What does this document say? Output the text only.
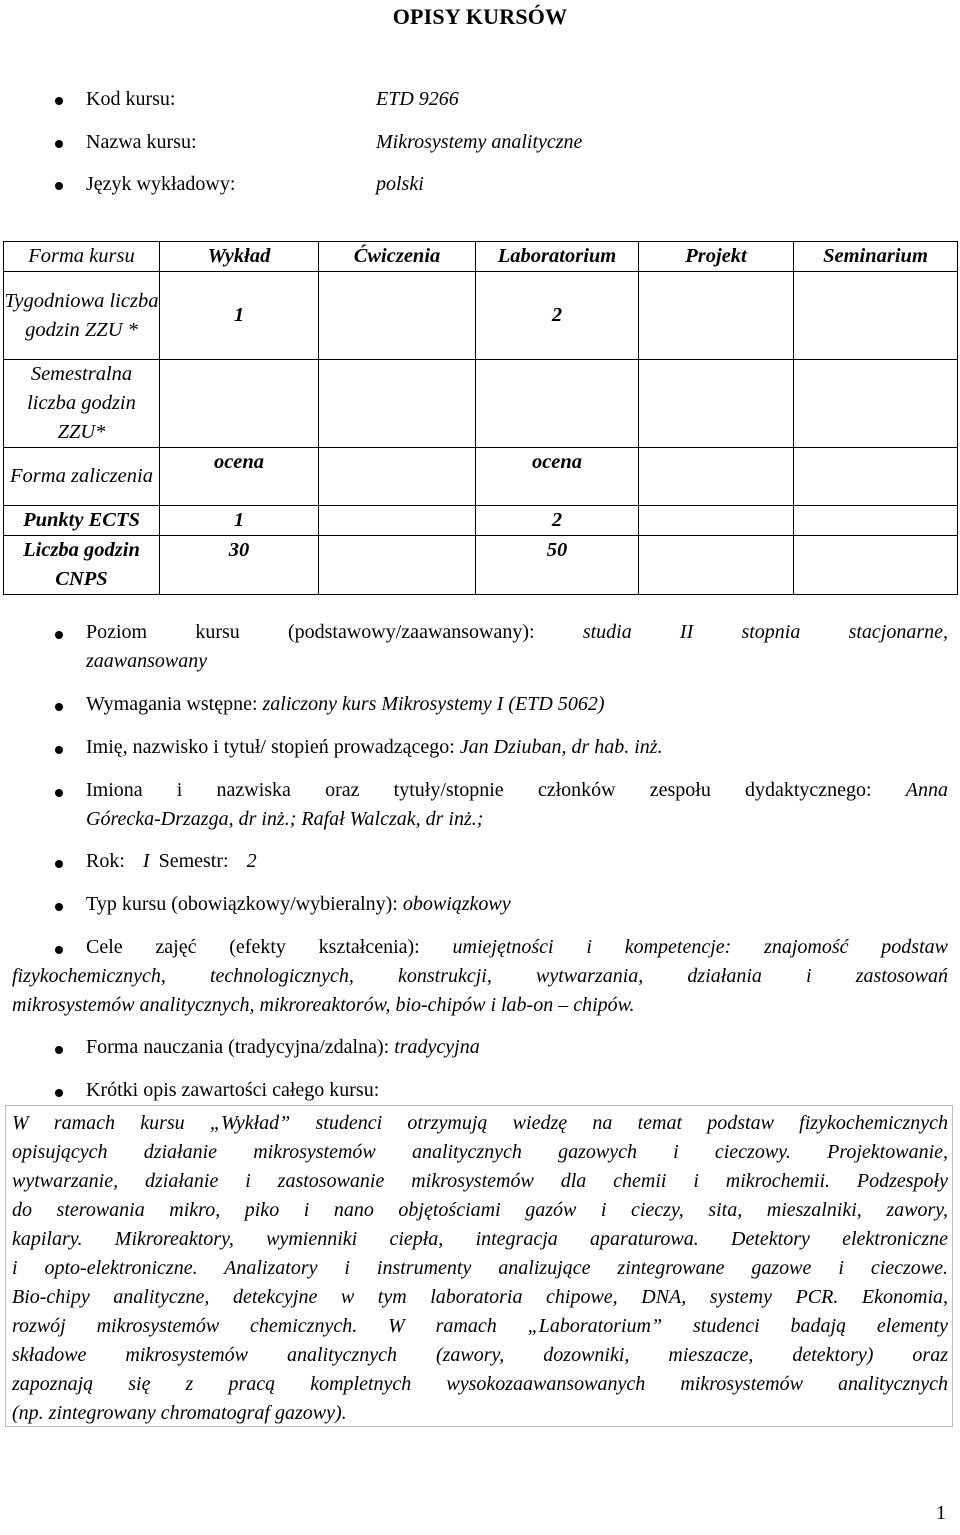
OPISY KURSÓW
Kod kursu:	ETD 9266
Nazwa kursu:	Mikrosystemy analityczne
Język wykładowy:	polski
Forma kursu	Wykład	Ćwiczenia	Laboratorium	Projekt	Seminarium
Tygodniowa liczba godzin ZZU *	1		2		
Semestralna liczba godzin ZZU*					
Forma zaliczenia	ocena		ocena		
Punkty ECTS	1		2		
Liczba godzin CNPS	30		50		
Poziom kursu (podstawowy/zaawansowany): studia II stopnia stacjonarne,
zaawansowany
Wymagania wstępne: zaliczony kurs Mikrosystemy I (ETD 5062)
Imię, nazwisko i tytuł/ stopień prowadzącego: Jan Dziuban, dr hab. inż.
Imiona i nazwiska oraz tytuły/stopnie członków zespołu dydaktycznego: Anna
Górecka-Drzazga, dr inż.; Rafał Walczak, dr inż.;
Rok: I Semestr: 2
Typ kursu (obowiązkowy/wybieralny): obowiązkowy
Cele zajęć (efekty kształcenia): umiejętności i kompetencje: znajomość podstaw
fizykochemicznych, technologicznych, konstrukcji, wytwarzania, działania i zastosowań
mikrosystemów analitycznych, mikroreaktorów, bio-chipów i lab-on – chipów.
Forma nauczania (tradycyjna/zdalna): tradycyjna
Krótki opis zawartości całego kursu:
W ramach kursu „Wykład” studenci otrzymują wiedzę na temat podstaw fizykochemicznych
opisujących działanie mikrosystemów analitycznych gazowych i cieczowy. Projektowanie,
wytwarzanie, działanie i zastosowanie mikrosystemów dla chemii i mikrochemii. Podzespoły
do sterowania mikro, piko i nano objętościami gazów i cieczy, sita, mieszalniki, zawory,
kapilary. Mikroreaktory, wymienniki ciepła, integracja aparaturowa. Detektory elektroniczne
i opto-elektroniczne. Analizatory i instrumenty analizujące zintegrowane gazowe i cieczowe.
Bio-chipy analityczne, detekcyjne w tym laboratoria chipowe, DNA, systemy PCR. Ekonomia,
rozwój mikrosystemów chemicznych. W ramach „Laboratorium” studenci badają elementy
składowe mikrosystemów analitycznych (zawory, dozowniki, mieszacze, detektory) oraz
zapoznają się z pracą kompletnych wysokozaawansowanych mikrosystemów analitycznych
(np. zintegrowany chromatograf gazowy).
1
